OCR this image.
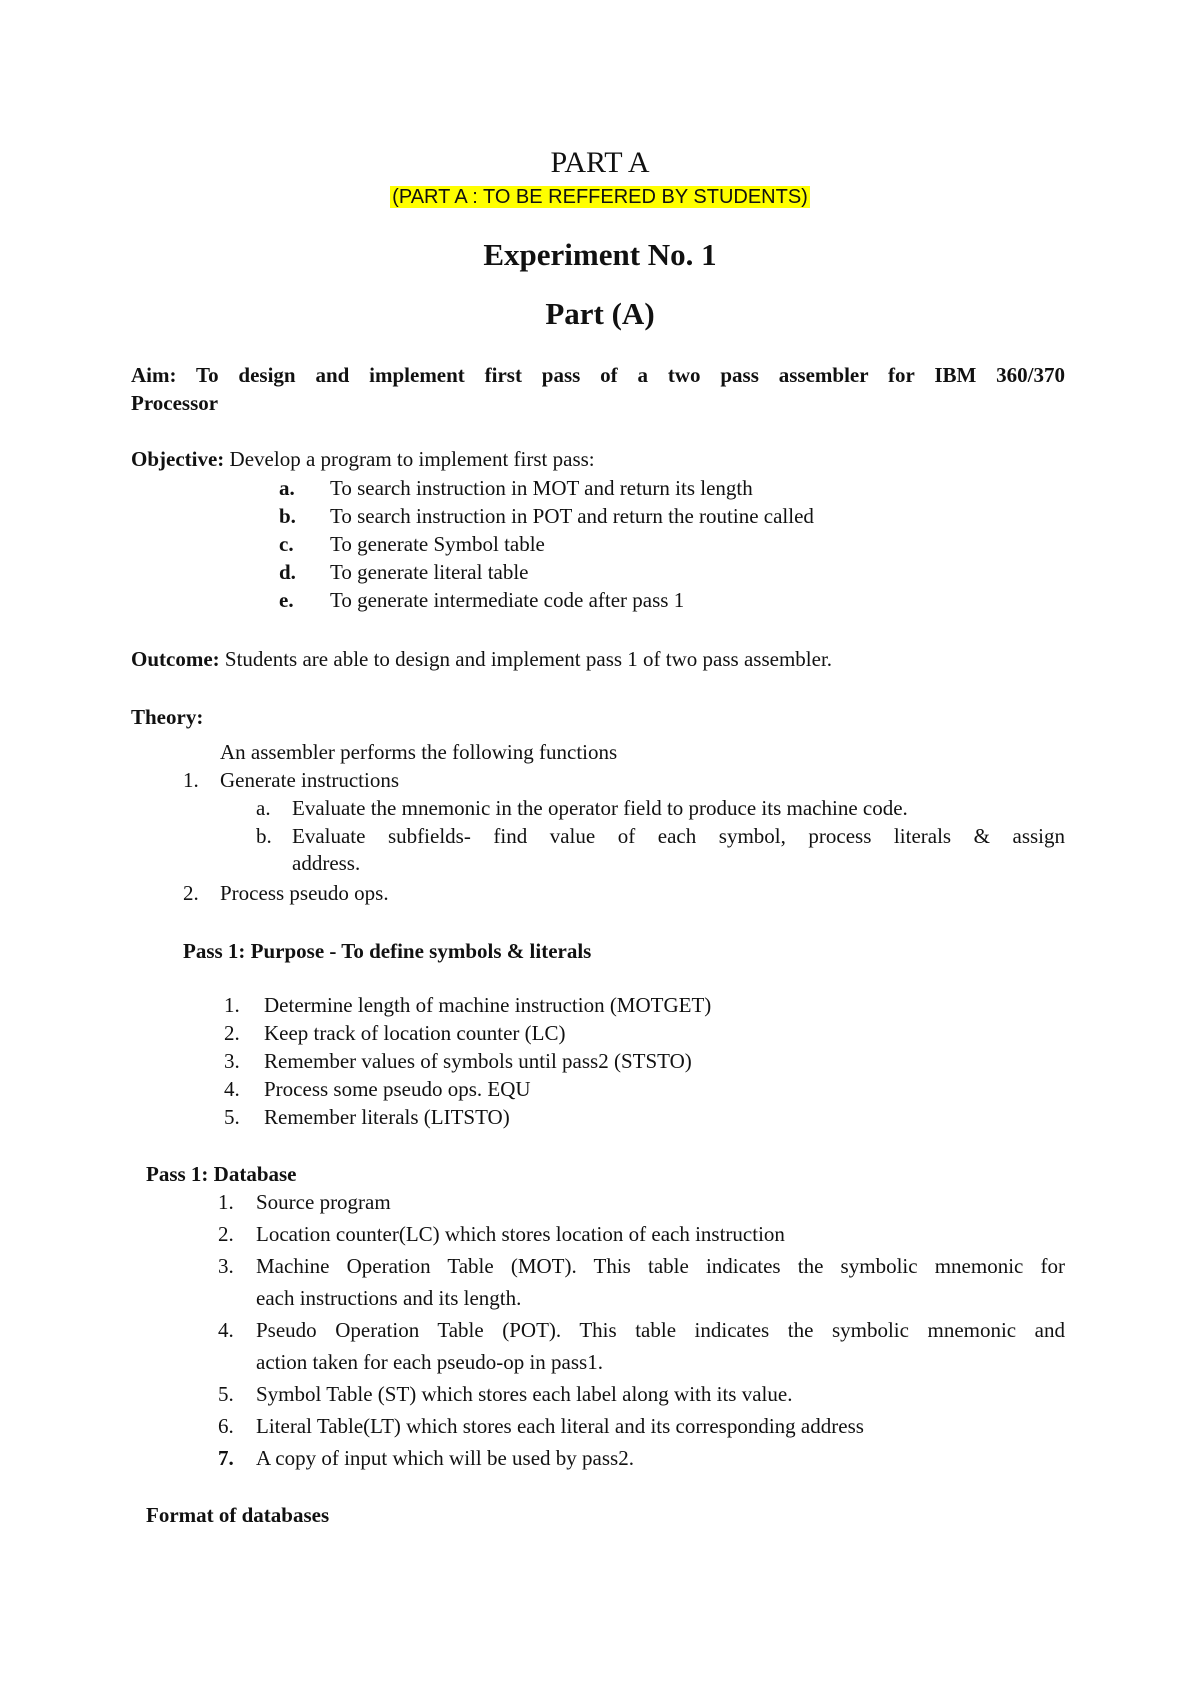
PART A
(PART A : TO BE REFFERED BY STUDENTS)
Experiment No. 1
Part (A)
Aim: To design and implement first pass of a two pass assembler for IBM 360/370
Processor
Objective: Develop a program to implement first pass:
a. To search instruction in MOT and return its length
b. To search instruction in POT and return the routine called
c. To generate Symbol table
d. To generate literal table
e. To generate intermediate code after pass 1
Outcome: Students are able to design and implement pass 1 of two pass assembler.
Theory:
An assembler performs the following functions
1. Generate instructions
a. Evaluate the mnemonic in the operator field to produce its machine code.
b. Evaluate subfields- find value of each symbol, process literals & assign
address.
2. Process pseudo ops.
Pass 1: Purpose - To define symbols & literals
1. Determine length of machine instruction (MOTGET)
2. Keep track of location counter (LC)
3. Remember values of symbols until pass2 (STSTO)
4. Process some pseudo ops. EQU
5. Remember literals (LITSTO)
Pass 1: Database
1. Source program
2. Location counter(LC) which stores location of each instruction
3. Machine Operation Table (MOT). This table indicates the symbolic mnemonic for
each instructions and its length.
4. Pseudo Operation Table (POT). This table indicates the symbolic mnemonic and
action taken for each pseudo-op in pass1.
5. Symbol Table (ST) which stores each label along with its value.
6. Literal Table(LT) which stores each literal and its corresponding address
7. A copy of input which will be used by pass2.
Format of databases
